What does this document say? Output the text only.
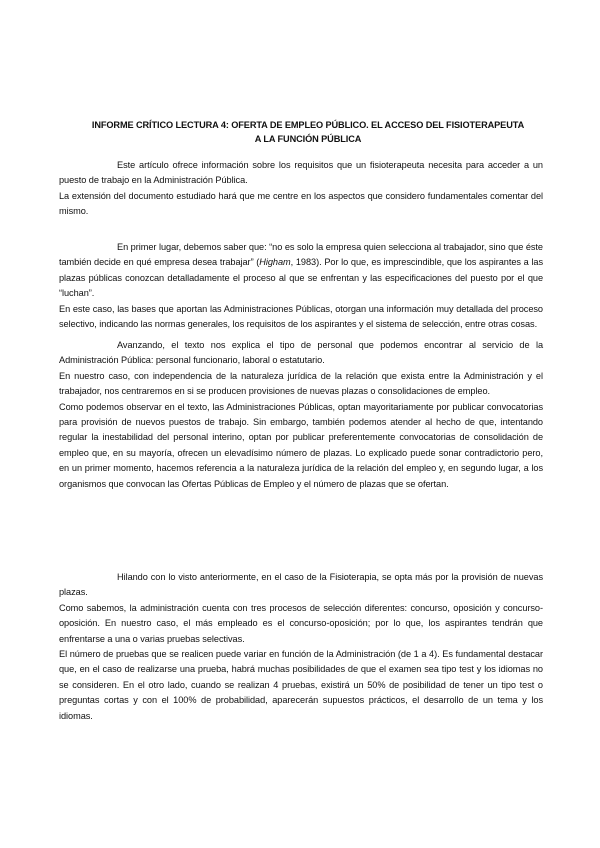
INFORME CRÍTICO LECTURA 4: OFERTA DE EMPLEO PÚBLICO. EL ACCESO DEL FISIOTERAPEUTA A LA FUNCIÓN PÚBLICA

Este artículo ofrece información sobre los requisitos que un fisioterapeuta necesita para acceder a un puesto de trabajo en la Administración Pública.

La extensión del documento estudiado hará que me centre en los aspectos que considero fundamentales comentar del mismo.

En primer lugar, debemos saber que: “no es solo la empresa quien selecciona al trabajador, sino que éste también decide en qué empresa desea trabajar” (Higham, 1983). Por lo que, es imprescindible, que los aspirantes a las plazas públicas conozcan detalladamente el proceso al que se enfrentan y las especificaciones del puesto por el que “luchan”.

En este caso, las bases que aportan las Administraciones Públicas, otorgan una información muy detallada del proceso selectivo, indicando las normas generales, los requisitos de los aspirantes y el sistema de selección, entre otras cosas.

Avanzando, el texto nos explica el tipo de personal que podemos encontrar al servicio de la Administración Pública: personal funcionario, laboral o estatutario.

En nuestro caso, con independencia de la naturaleza jurídica de la relación que exista entre la Administración y el trabajador, nos centraremos en si se producen provisiones de nuevas plazas o consolidaciones de empleo.

Como podemos observar en el texto, las Administraciones Públicas, optan mayoritariamente por publicar convocatorias para provisión de nuevos puestos de trabajo. Sin embargo, también podemos atender al hecho de que, intentando regular la inestabilidad del personal interino, optan por publicar preferentemente convocatorias de consolidación de empleo que, en su mayoría, ofrecen un elevadísimo número de plazas. Lo explicado puede sonar contradictorio pero, en un primer momento, hacemos referencia a la naturaleza jurídica de la relación del empleo y, en segundo lugar, a los organismos que convocan las Ofertas Públicas de Empleo y el número de plazas que se ofertan.

Hilando con lo visto anteriormente, en el caso de la Fisioterapia, se opta más por la provisión de nuevas plazas.

Como sabemos, la administración cuenta con tres procesos de selección diferentes: concurso, oposición y concurso-oposición. En nuestro caso, el más empleado es el concurso-oposición; por lo que, los aspirantes tendrán que enfrentarse a una o varias pruebas selectivas.

El número de pruebas que se realicen puede variar en función de la Administración (de 1 a 4). Es fundamental destacar que, en el caso de realizarse una prueba, habrá muchas posibilidades de que el examen sea tipo test y los idiomas no se consideren. En el otro lado, cuando se realizan 4 pruebas, existirá un 50% de posibilidad de tener un tipo test o preguntas cortas y con el 100% de probabilidad, aparecerán supuestos prácticos, el desarrollo de un tema y los idiomas.
